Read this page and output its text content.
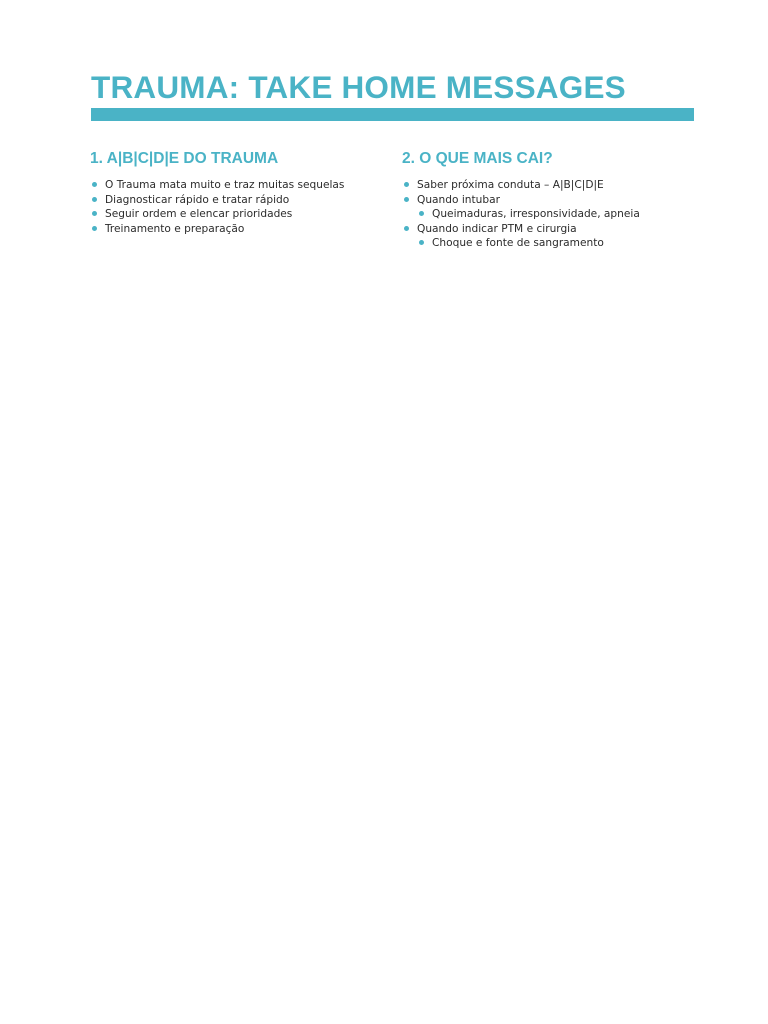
TRAUMA: TAKE HOME MESSAGES
1. A|B|C|D|E DO TRAUMA
O Trauma mata muito e traz muitas sequelas
Diagnosticar rápido e tratar rápido
Seguir ordem e elencar prioridades
Treinamento e preparação
2. O QUE MAIS CAI?
Saber próxima conduta – A|B|C|D|E
Quando intubar
Queimaduras, irresponsividade, apneia
Quando indicar PTM e cirurgia
Choque e fonte de sangramento
